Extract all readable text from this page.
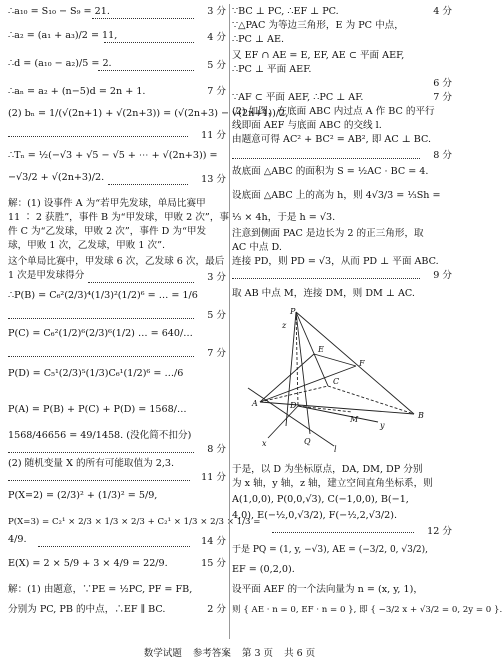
∴a₁₀ = S₁₀ − S₉ = 21.	3 分
∴a₂ = (a₁ + a₃)/2 = 11,	4 分
∴d = (a₁₀ − a₂)/5 = 2.	5 分
∴aₙ = a₂ + (n−5)d = 2n + 1.	7 分
(2) bₙ = 1/(√(2n+1) + √(2n+3)) = (√(2n+3) − √(2n+1))/2,
11 分
∴Tₙ = ½(−√3 + √5 − √5 + ⋯ + √(2n+3)) =
−√3/2 + √(2n+3)/2.	13 分
解：(1) 设事件 A 为“若甲先发球，单局比赛甲
11 ∶ 2 获胜”，事件 B 为“甲发球，甲败 2 次”，事
件 C 为“乙发球，甲败 2 次”，事件 D 为“甲发
球，甲败 1 次，乙发球，甲败 1 次”.
这个单局比赛中，甲发球 6 次，乙发球 6 次，最后
1 次是甲发球得分	3 分
∴P(B) = C₆²(2/3)⁴(1/3)²(1/2)⁶ = … = 1/6
5 分
P(C) = C₆²(1/2)⁶(2/3)⁶(1/2) … = 640/…
7 分
P(D) = C₅¹(2/3)⁵(1/3)C₆¹(1/2)⁶ = …/6
P(A) = P(B) + P(C) + P(D) = 1568/…
1568/46656 = 49/1458. (没化简不扣分)
8 分
(2) 随机变量 X 的所有可能取值为 2,3.
11 分
P(X=2) = (2/3)² + (1/3)² = 5/9,
P(X=3) = C₂¹ × 2/3 × 1/3 × 2/3 + C₂¹ × 1/3 × 2/3 × 1/3 =
4/9.	14 分
E(X) = 2 × 5/9 + 3 × 4/9 = 22/9.	15 分
解：(1) 由题意，∵PE = ½PC, PF = FB,
分别为 PC, PB 的中点，∴EF ∥ BC.	2 分
∵BC ⊥ PC, ∴EF ⊥ PC.	4 分
∵△PAC 为等边三角形，E 为 PC 中点，
∴PC ⊥ AE.
又 EF ∩ AE = E, EF, AE ⊂ 平面 AEF,
∴PC ⊥ 平面 AEF.
6 分
∵AF ⊂ 平面 AEF, ∴PC ⊥ AF.	7 分
(2) 如图，在底面 ABC 内过点 A 作 BC 的平行
线即面 AEF 与底面 ABC 的交线 l.
由题意可得 AC² + BC² = AB², 即 AC ⊥ BC.
8 分
故底面 △ABC 的面积为 S = ½AC · BC = 4.
设底面 △ABC 上的高为 h，则 4√3/3 = ⅓Sh =
⅓ × 4h，于是 h = √3.
注意到侧面 PAC 是边长为 2 的正三角形，取
AC 中点 D.
连接 PD，则 PD = √3，从而 PD ⊥ 平面 ABC.
9 分
取 AB 中点 M，连接 DM，则 DM ⊥ AC.
P
E
F
C
D
A
M	B
Q
l
x
y
z
于是，以 D 为坐标原点，DA, DM, DP 分别
为 x 轴，y 轴，z 轴，建立空间直角坐标系，则
A(1,0,0), P(0,0,√3), C(−1,0,0), B(−1,
4,0), E(−½,0,√3/2), F(−½,2,√3/2).
12 分
于是 PQ = (1, y, −√3), AE = (−3/2, 0, √3/2),
EF = (0,2,0).
设平面 AEF 的一个法向量为 n = (x, y, 1)，
则 { AE · n = 0, EF · n = 0 }, 即 { −3/2 x + √3/2 = 0, 2y = 0 }.
数学试题 参考答案 第 3 页 共 6 页
